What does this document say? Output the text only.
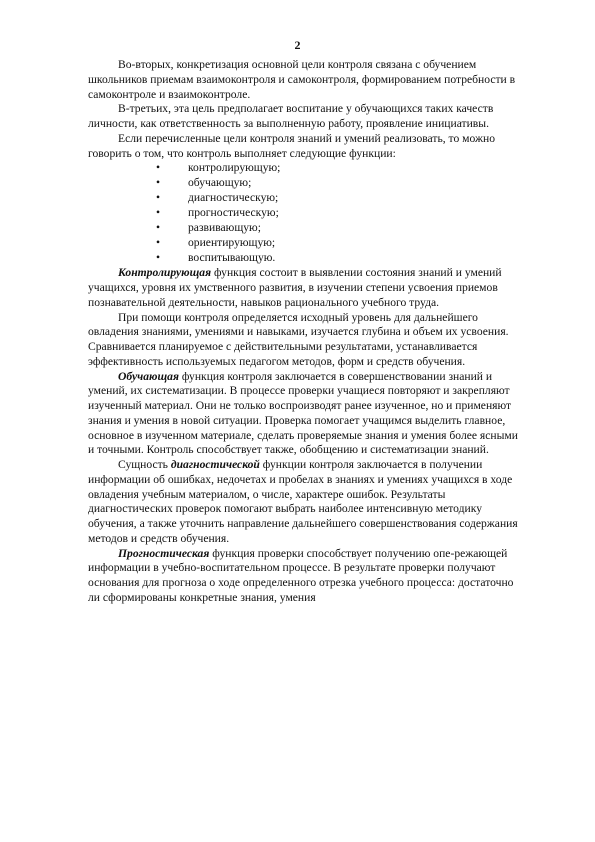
2

Во-вторых, конкретизация основной цели контроля связана с обучением школьников приемам взаимоконтроля и самоконтроля, формированием потребности в самоконтроле и взаимоконтроле.

В-третьих, эта цель предполагает воспитание у обучающихся таких качеств личности, как ответственность за выполненную работу, проявление инициативы.

Если перечисленные цели контроля знаний и умений реализовать, то можно говорить о том, что контроль выполняет следующие функции:

• контролирующую;
• обучающую;
• диагностическую;
• прогностическую;
• развивающую;
• ориентирующую;
• воспитывающую.

Контролирующая функция состоит в выявлении состояния знаний и умений учащихся, уровня их умственного развития, в изучении степени усвоения приемов познавательной деятельности, навыков рационального учебного труда.

При помощи контроля определяется исходный уровень для дальнейшего овладения знаниями, умениями и навыками, изучается глубина и объем их усвоения. Сравнивается планируемое с действительными результатами, устанавливается эффективность используемых педагогом методов, форм и средств обучения.

Обучающая функция контроля заключается в совершенствовании знаний и умений, их систематизации. В процессе проверки учащиеся повторяют и закрепляют изученный материал. Они не только воспроизводят ранее изученное, но и применяют знания и умения в новой ситуации. Проверка помогает учащимся выделить главное, основное в изученном материале, сделать проверяемые знания и умения более ясными и точными. Контроль способствует также, обобщению и систематизации знаний.

Сущность диагностической функции контроля заключается в получении информации об ошибках, недочетах и пробелах в знаниях и умениях учащихся в ходе овладения учебным материалом, о числе, характере ошибок. Результаты диагностических проверок помогают выбрать наиболее интенсивную методику обучения, а также уточнить направление дальнейшего совершенствования содержания методов и средств обучения.

Прогностическая функция проверки способствует получению опе-режающей информации в учебно-воспитательном процессе. В результате проверки получают основания для прогноза о ходе определенного отрезка учебного процесса: достаточно ли сформированы конкретные знания, умения
